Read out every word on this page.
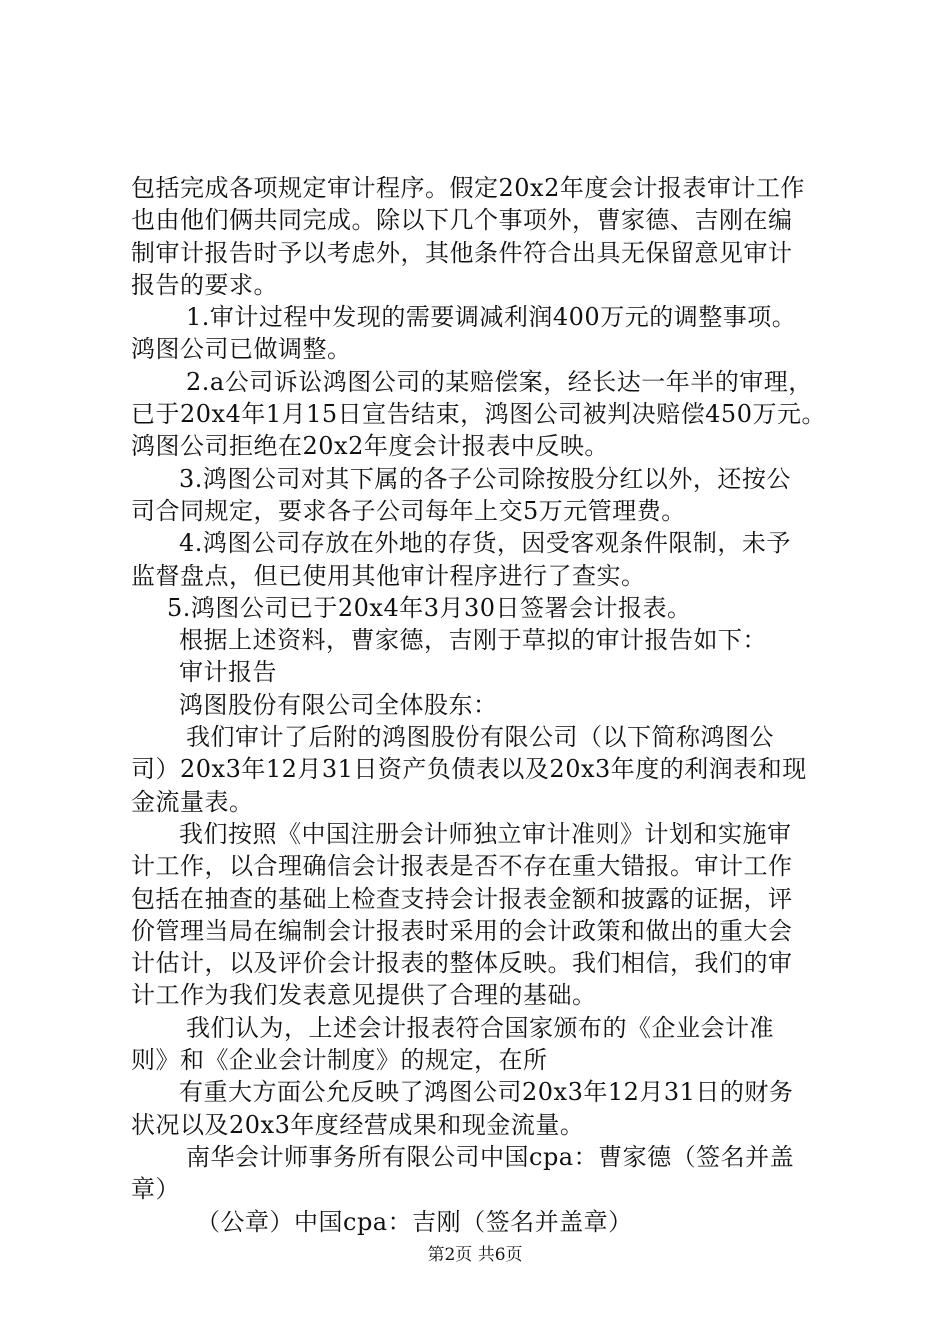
包括完成各项规定审计程序。假定20x2年度会计报表审计工作
也由他们俩共同完成。除以下几个事项外，曹家德、吉刚在编
制审计报告时予以考虑外，其他条件符合出具无保留意见审计
报告的要求。
1.审计过程中发现的需要调减利润400万元的调整事项。
鸿图公司已做调整。
2.a公司诉讼鸿图公司的某赔偿案，经长达一年半的审理，
已于20x4年1月15日宣告结束，鸿图公司被判决赔偿450万元。
鸿图公司拒绝在20x2年度会计报表中反映。
3.鸿图公司对其下属的各子公司除按股分红以外，还按公
司合同规定，要求各子公司每年上交5万元管理费。
4.鸿图公司存放在外地的存货，因受客观条件限制，未予
监督盘点，但已使用其他审计程序进行了查实。
5.鸿图公司已于20x4年3月30日签署会计报表。
根据上述资料，曹家德，吉刚于草拟的审计报告如下：
审计报告
鸿图股份有限公司全体股东：
我们审计了后附的鸿图股份有限公司（以下简称鸿图公
司）20x3年12月31日资产负债表以及20x3年度的利润表和现
金流量表。
我们按照《中国注册会计师独立审计准则》计划和实施审
计工作，以合理确信会计报表是否不存在重大错报。审计工作
包括在抽查的基础上检查支持会计报表金额和披露的证据，评
价管理当局在编制会计报表时采用的会计政策和做出的重大会
计估计，以及评价会计报表的整体反映。我们相信，我们的审
计工作为我们发表意见提供了合理的基础。
我们认为，上述会计报表符合国家颁布的《企业会计准
则》和《企业会计制度》的规定，在所
有重大方面公允反映了鸿图公司20x3年12月31日的财务
状况以及20x3年度经营成果和现金流量。
南华会计师事务所有限公司中国cpa：曹家德（签名并盖
章）
（公章）中国cpa：吉刚（签名并盖章）
第2页 共6页
